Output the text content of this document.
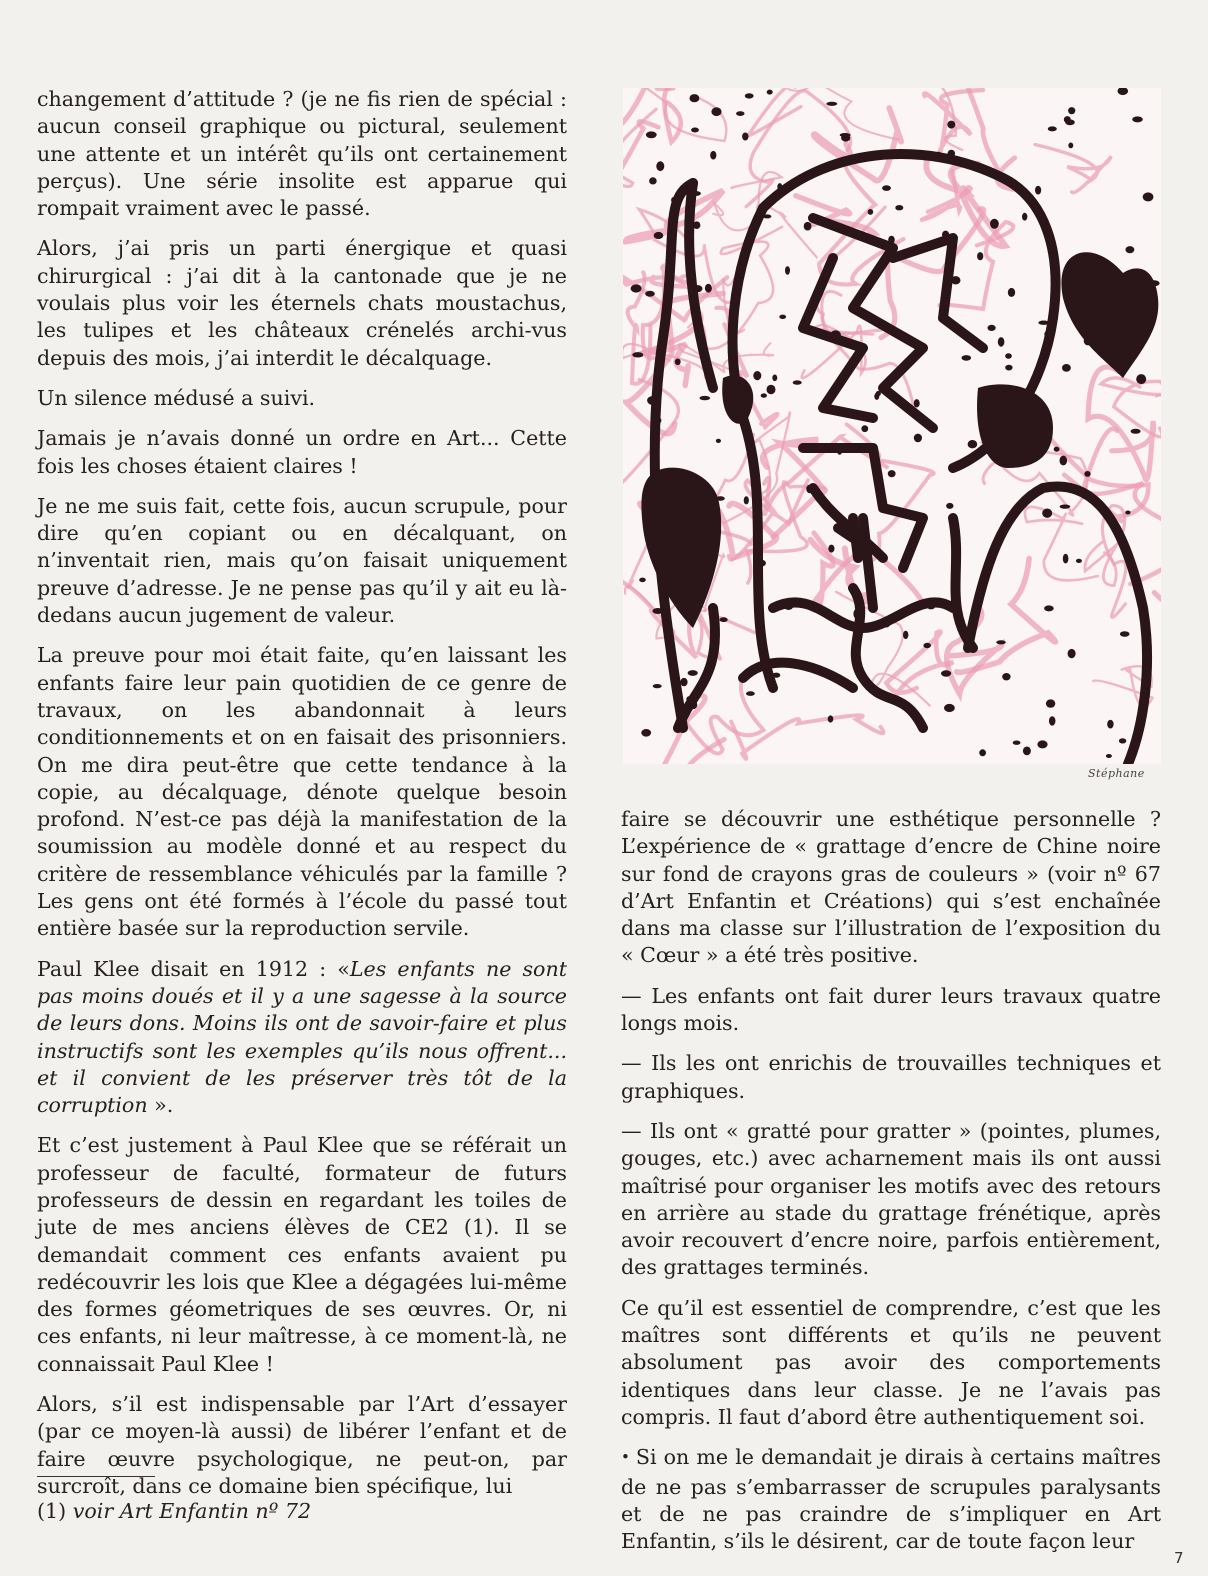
changement d’attitude ? (je ne fis rien de spécial : aucun conseil graphique ou pictural, seulement une attente et un intérêt qu’ils ont certainement perçus). Une série insolite est apparue qui rompait vraiment avec le passé.

Alors, j’ai pris un parti énergique et quasi chirurgical : j’ai dit à la cantonade que je ne voulais plus voir les éternels chats moustachus, les tulipes et les châteaux crénelés archi-vus depuis des mois, j’ai interdit le décalquage.

Un silence médusé a suivi.

Jamais je n’avais donné un ordre en Art... Cette fois les choses étaient claires !

Je ne me suis fait, cette fois, aucun scrupule, pour dire qu’en copiant ou en décalquant, on n’inventait rien, mais qu’on faisait uniquement preuve d’adresse. Je ne pense pas qu’il y ait eu là-dedans aucun jugement de valeur.

La preuve pour moi était faite, qu’en laissant les enfants faire leur pain quotidien de ce genre de travaux, on les abandonnait à leurs conditionnements et on en faisait des prisonniers. On me dira peut-être que cette tendance à la copie, au décalquage, dénote quelque besoin profond. N’est-ce pas déjà la manifestation de la soumission au modèle donné et au respect du critère de ressemblance véhiculés par la famille ? Les gens ont été formés à l’école du passé tout entière basée sur la reproduction servile.

Paul Klee disait en 1912 : «Les enfants ne sont pas moins doués et il y a une sagesse à la source de leurs dons. Moins ils ont de savoir-faire et plus instructifs sont les exemples qu’ils nous offrent... et il convient de les préserver très tôt de la corruption ».

Et c’est justement à Paul Klee que se référait un professeur de faculté, formateur de futurs professeurs de dessin en regardant les toiles de jute de mes anciens élèves de CE2 (1). Il se demandait comment ces enfants avaient pu redécouvrir les lois que Klee a dégagées lui-même des formes géometriques de ses œuvres. Or, ni ces enfants, ni leur maîtresse, à ce moment-là, ne connaissait Paul Klee !

Alors, s’il est indispensable par l’Art d’essayer (par ce moyen-là aussi) de libérer l’enfant et de faire œuvre psychologique, ne peut-on, par surcroît, dans ce domaine bien spécifique, lui

Stéphane

faire se découvrir une esthétique personnelle ? L’expérience de « grattage d’encre de Chine noire sur fond de crayons gras de couleurs » (voir nº 67 d’Art Enfantin et Créations) qui s’est enchaînée dans ma classe sur l’illustration de l’exposition du « Cœur » a été très positive.

— Les enfants ont fait durer leurs travaux quatre longs mois.

— Ils les ont enrichis de trouvailles techniques et graphiques.

— Ils ont « gratté pour gratter » (pointes, plumes, gouges, etc.) avec acharnement mais ils ont aussi maîtrisé pour organiser les motifs avec des retours en arrière au stade du grattage frénétique, après avoir recouvert d’encre noire, parfois entièrement, des grattages terminés.

Ce qu’il est essentiel de comprendre, c’est que les maîtres sont différents et qu’ils ne peuvent absolument pas avoir des comportements identiques dans leur classe. Je ne l’avais pas compris. Il faut d’abord être authentiquement soi.

• Si on me le demandait je dirais à certains maîtres de ne pas s’embarrasser de scrupules paralysants et de ne pas craindre de s’impliquer en Art Enfantin, s’ils le désirent, car de toute façon leur

(1) voir Art Enfantin nº 72
7
